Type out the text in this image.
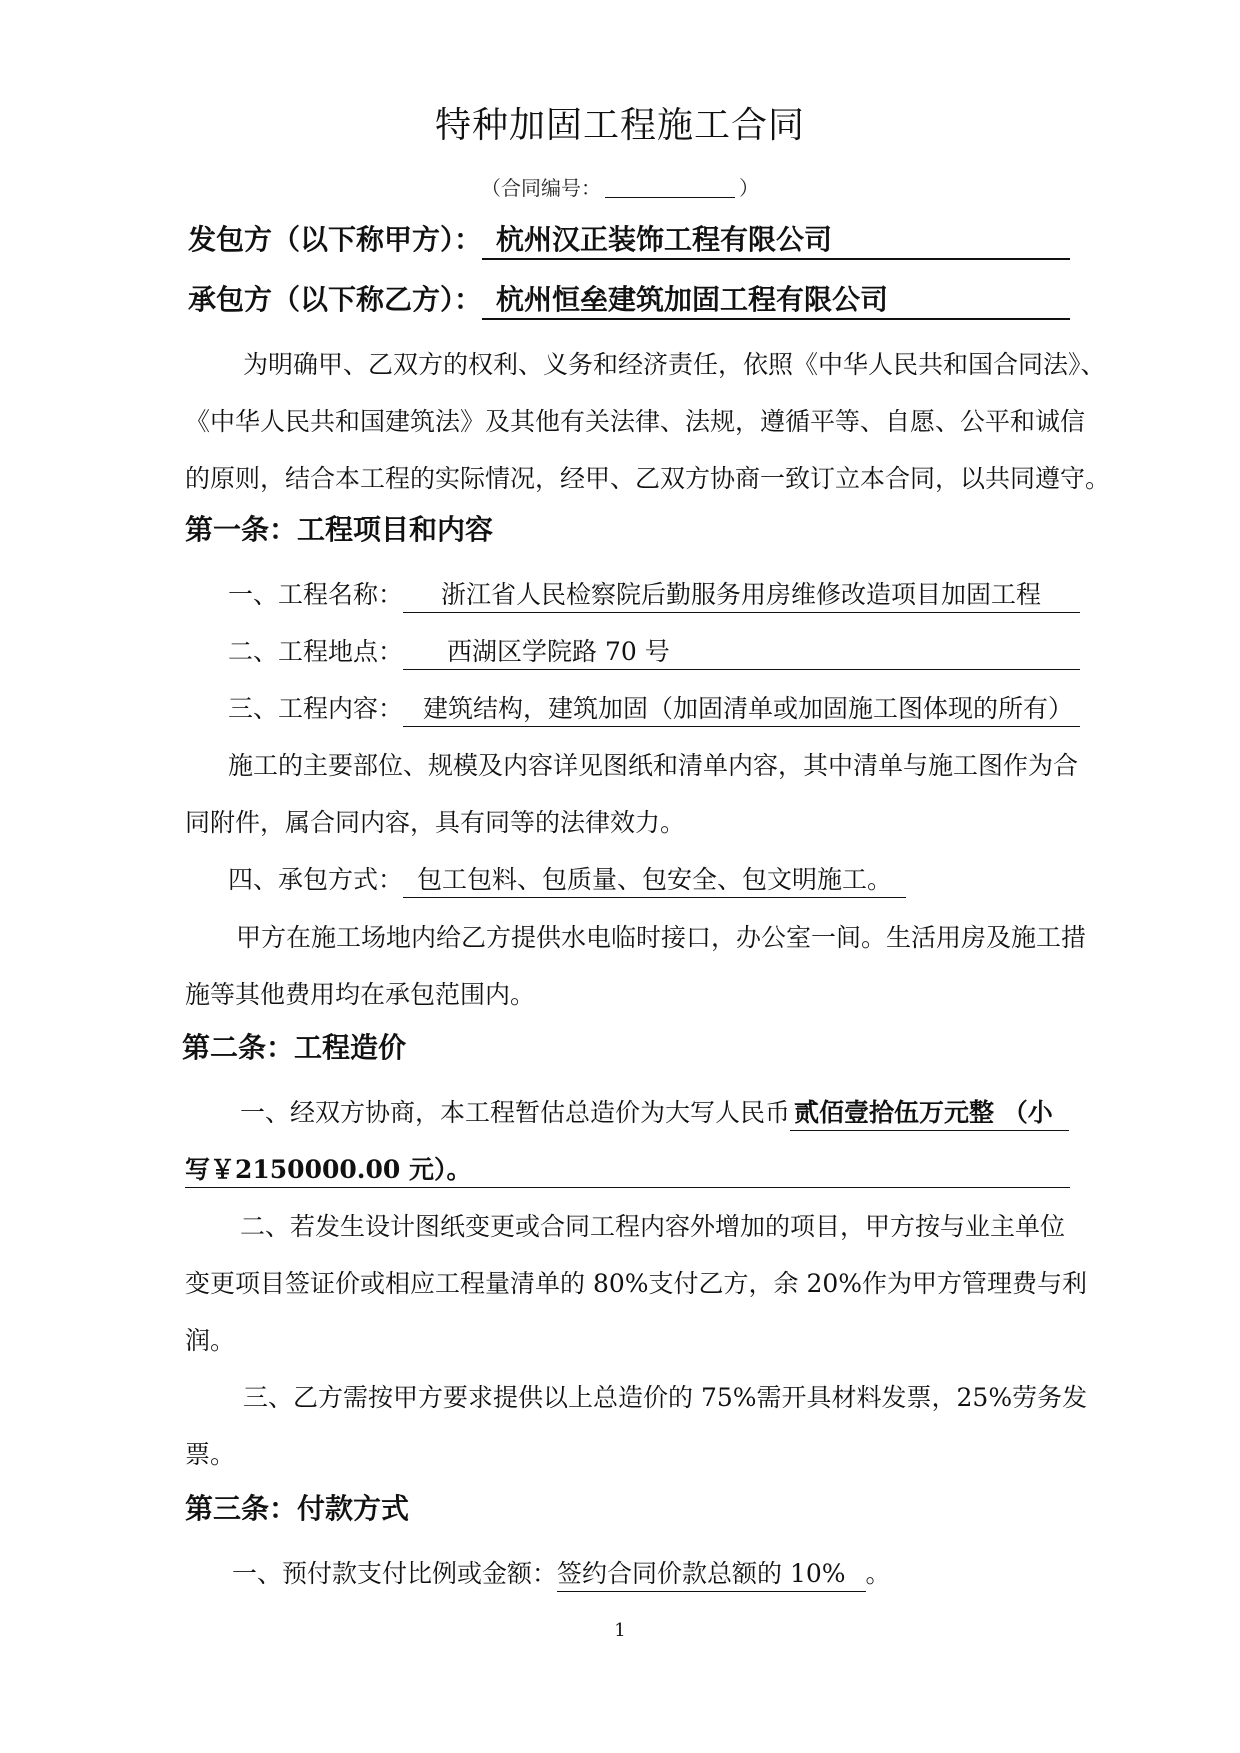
特种加固工程施工合同
（合同编号：	）
发包方（以下称甲方）： 杭州汉正装饰工程有限公司
承包方（以下称乙方）： 杭州恒垒建筑加固工程有限公司
为明确甲、乙双方的权利、义务和经济责任，依照《中华人民共和国合同法》、
《中华人民共和国建筑法》及其他有关法律、法规，遵循平等、自愿、公平和诚信
的原则，结合本工程的实际情况，经甲、乙双方协商一致订立本合同，以共同遵守。
第一条：工程项目和内容
一、工程名称： 浙江省人民检察院后勤服务用房维修改造项目加固工程
二、工程地点： 西湖区学院路 70 号
三、工程内容： 建筑结构，建筑加固（加固清单或加固施工图体现的所有）
施工的主要部位、规模及内容详见图纸和清单内容，其中清单与施工图作为合
同附件，属合同内容，具有同等的法律效力。
四、承包方式： 包工包料、包质量、包安全、包文明施工。
甲方在施工场地内给乙方提供水电临时接口，办公室一间。生活用房及施工措
施等其他费用均在承包范围内。
第二条：工程造价
一、经双方协商，本工程暂估总造价为大写人民币 贰佰壹拾伍万元整 （小
写￥2150000.00 元）。
二、若发生设计图纸变更或合同工程内容外增加的项目，甲方按与业主单位
变更项目签证价或相应工程量清单的 80%支付乙方，余 20%作为甲方管理费与利
润。
三、乙方需按甲方要求提供以上总造价的 75%需开具材料发票，25%劳务发
票。
第三条：付款方式
一、预付款支付比例或金额：签约合同价款总额的 10% 。
1
